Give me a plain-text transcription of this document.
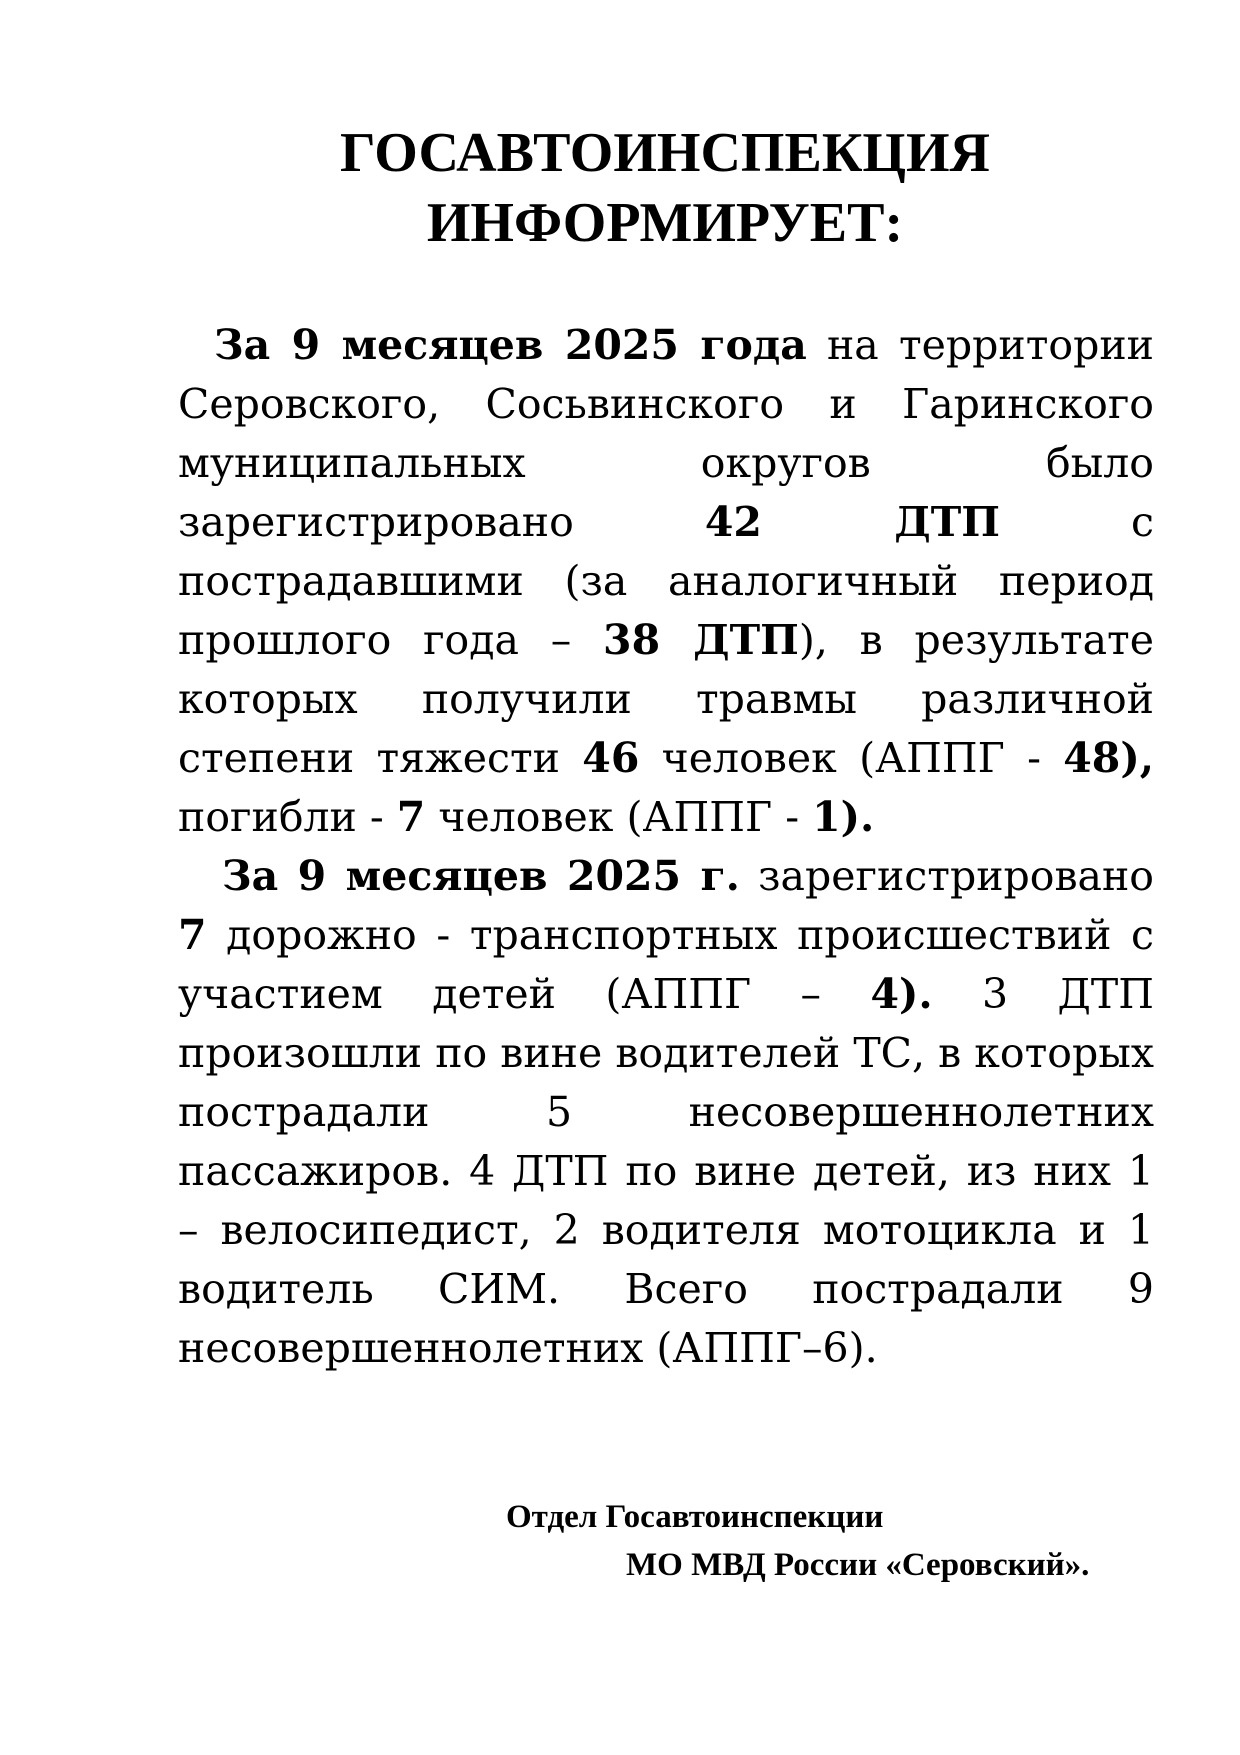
ГОСАВТОИНСПЕКЦИЯ
ИНФОРМИРУЕТ:

За 9 месяцев 2025 года на территории Серовского, Сосьвинского и Гаринского муниципальных округов было зарегистрировано 42 ДТП с пострадавшими (за аналогичный период прошлого года – 38 ДТП), в результате которых получили травмы различной степени тяжести 46 человек (АППГ - 48), погибли - 7 человек (АППГ - 1).

За 9 месяцев 2025 г. зарегистрировано 7 дорожно - транспортных происшествий с участием детей (АППГ – 4). 3 ДТП произошли по вине водителей ТС, в которых пострадали 5 несовершеннолетних пассажиров. 4 ДТП по вине детей, из них 1 – велосипедист, 2 водителя мотоцикла и 1 водитель СИМ. Всего пострадали 9 несовершеннолетних (АППГ–6).

Отдел Госавтоинспекции
МО МВД России «Серовский».
